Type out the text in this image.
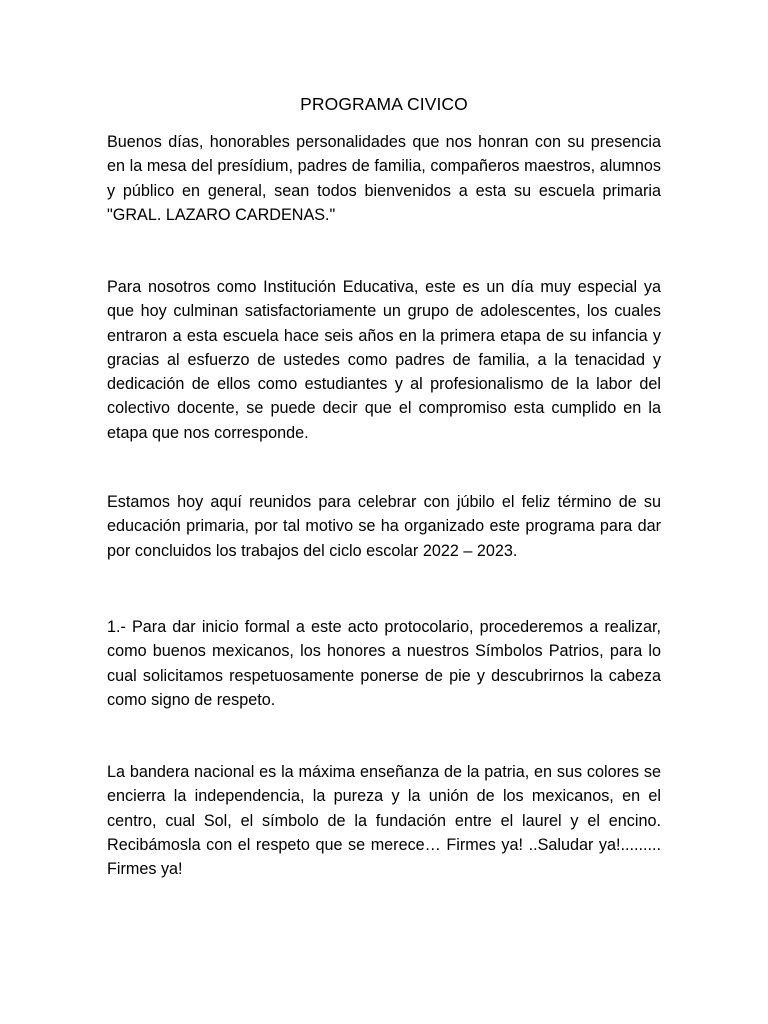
PROGRAMA CIVICO
Buenos días, honorables personalidades que nos honran con su presencia en la mesa del presídium, padres de familia, compañeros maestros, alumnos y público en general, sean todos bienvenidos a esta su escuela primaria "GRAL. LAZARO CARDENAS."
Para nosotros como Institución Educativa, este es un día muy especial ya que hoy culminan satisfactoriamente un grupo de adolescentes, los cuales entraron a esta escuela hace seis años en la primera etapa de su infancia y gracias al esfuerzo de ustedes como padres de familia, a la tenacidad y dedicación de ellos como estudiantes y al profesionalismo de la labor del colectivo docente, se puede decir que el compromiso esta cumplido en la etapa que nos corresponde.
Estamos hoy aquí reunidos para celebrar con júbilo el feliz término de su educación primaria, por tal motivo se ha organizado este programa para dar por concluidos los trabajos del ciclo escolar 2022 – 2023.
1.- Para dar inicio formal a este acto protocolario, procederemos a realizar, como buenos mexicanos, los honores a nuestros Símbolos Patrios, para lo cual solicitamos respetuosamente ponerse de pie y descubrirnos la cabeza como signo de respeto.
La bandera nacional es la máxima enseñanza de la patria, en sus colores se encierra la independencia, la pureza y la unión de los mexicanos, en el centro, cual Sol, el símbolo de la fundación entre el laurel y el encino. Recibámosla con el respeto que se merece… Firmes ya! ..Saludar ya!......... Firmes ya!
